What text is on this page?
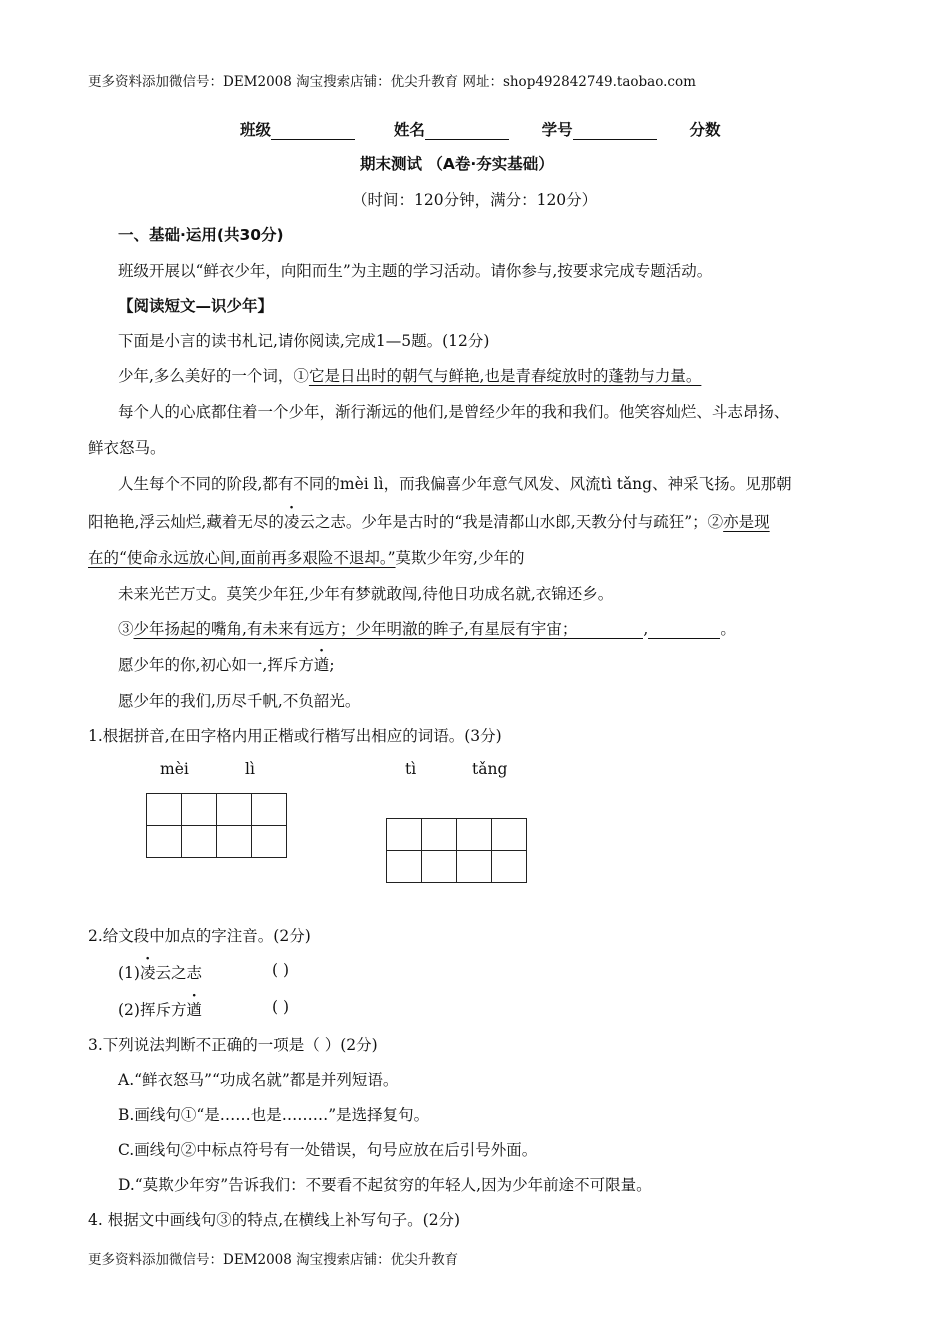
更多资料添加微信号：DEM2008 淘宝搜索店铺：优尖升教育 网址：shop492842749.taobao.com
班级	姓名	学号	分数
期末测试 （A卷·夯实基础）
（时间：120分钟，满分：120分）
一、基础·运用(共30分)
班级开展以“鲜衣少年，向阳而生”为主题的学习活动。请你参与,按要求完成专题活动。
【阅读短文—识少年】
下面是小言的读书札记,请你阅读,完成1—5题。(12分)
少年,多么美好的一个词，①它是日出时的朝气与鲜艳,也是青春绽放时的蓬勃与力量。
每个人的心底都住着一个少年，渐行渐远的他们,是曾经少年的我和我们。他笑容灿烂、斗志昂扬、
鲜衣怒马。
人生每个不同的阶段,都有不同的mèi lì，而我偏喜少年意气风发、风流tì tǎng、神采飞扬。见那朝
阳艳艳,浮云灿烂,藏着无尽的凌云之志。少年是古时的“我是清都山水郎,天教分付与疏狂”；②亦是现
在的“使命永远放心间,面前再多艰险不退却。”莫欺少年穷,少年的
未来光芒万丈。莫笑少年狂,少年有梦就敢闯,待他日功成名就,衣锦还乡。
③少年扬起的嘴角,有未来有远方；少年明澈的眸子,有星辰有宇宙；	,	。
愿少年的你,初心如一,挥斥方遒;
愿少年的我们,历尽千帆,不负韶光。
1.根据拼音,在田字格内用正楷或行楷写出相应的词语。(3分)
mèi	lì	tì	tǎng

2.给文段中加点的字注音。(2分)
(1)凌云之志	( )
(2)挥斥方遒	( )
3.下列说法判断不正确的一项是（ ）(2分)
A.“鲜衣怒马”“功成名就”都是并列短语。
B.画线句①“是……也是………”是选择复句。
C.画线句②中标点符号有一处错误，句号应放在后引号外面。
D.“莫欺少年穷”告诉我们：不要看不起贫穷的年轻人,因为少年前途不可限量。
4. 根据文中画线句③的特点,在横线上补写句子。(2分)
更多资料添加微信号：DEM2008 淘宝搜索店铺：优尖升教育
